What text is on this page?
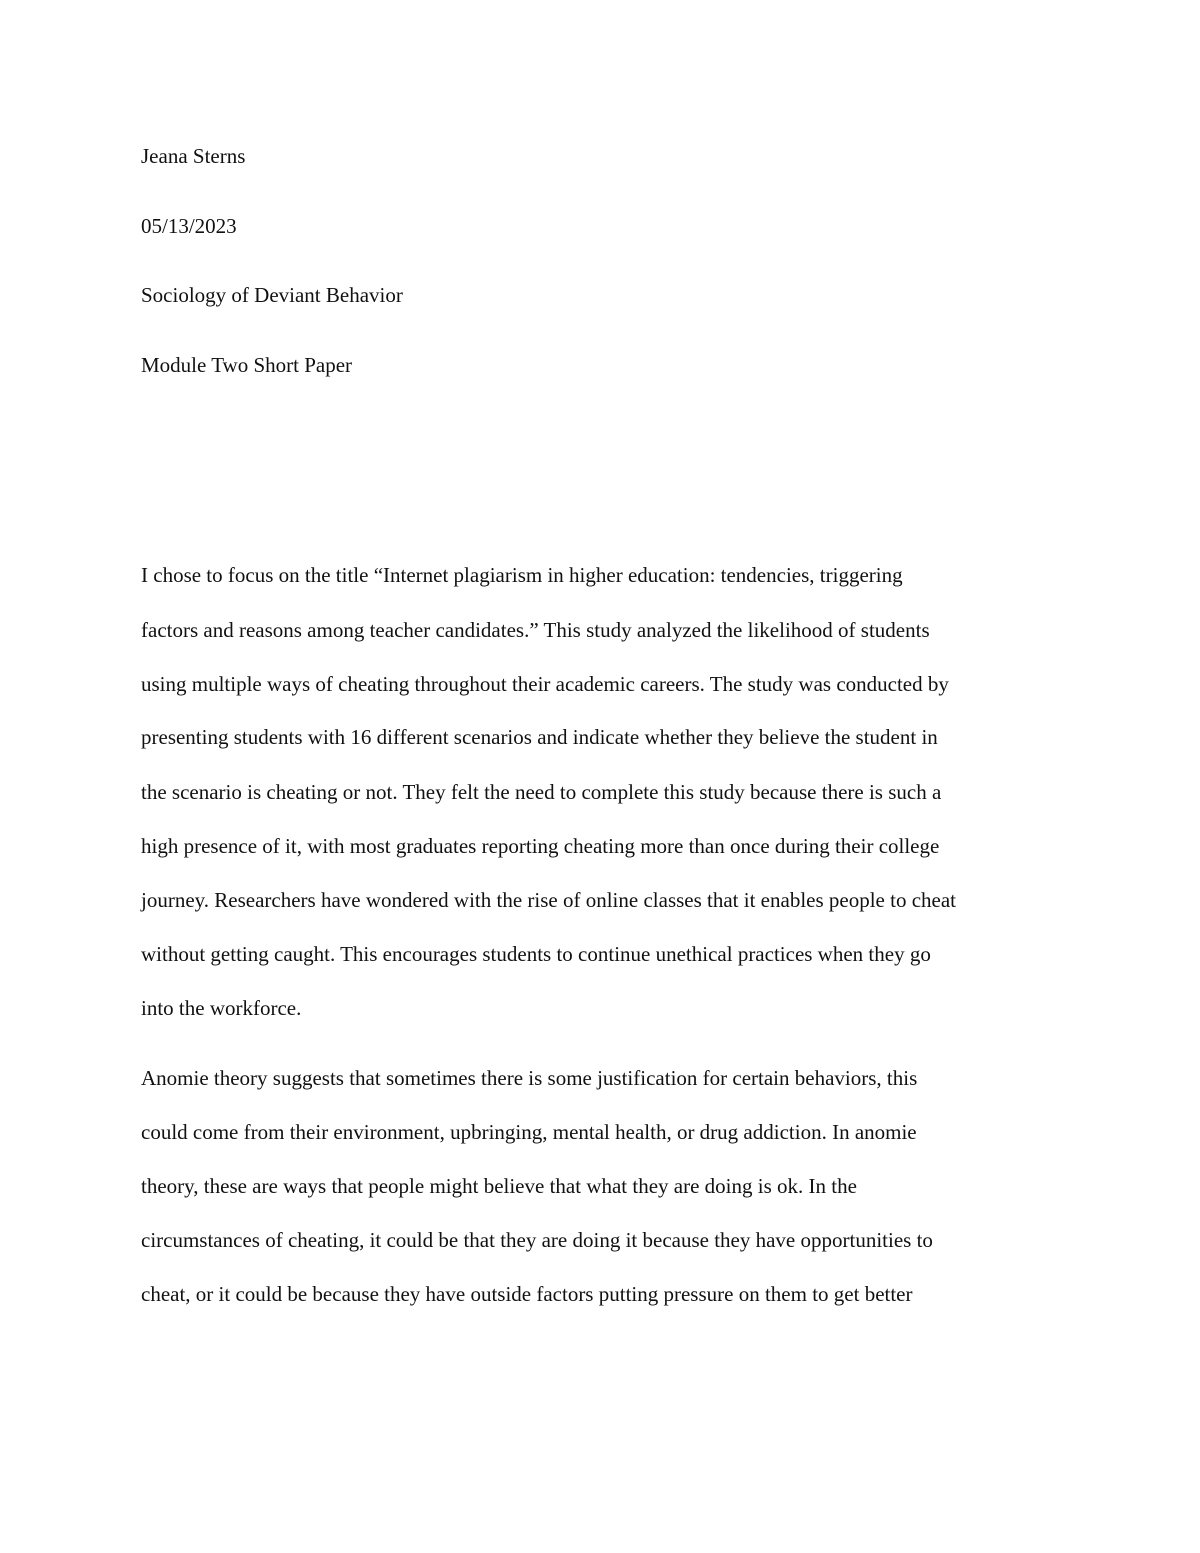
Jeana Sterns
05/13/2023
Sociology of Deviant Behavior
Module Two Short Paper
I chose to focus on the title “Internet plagiarism in higher education: tendencies, triggering
factors and reasons among teacher candidates.” This study analyzed the likelihood of students
using multiple ways of cheating throughout their academic careers. The study was conducted by
presenting students with 16 different scenarios and indicate whether they believe the student in
the scenario is cheating or not. They felt the need to complete this study because there is such a
high presence of it, with most graduates reporting cheating more than once during their college
journey. Researchers have wondered with the rise of online classes that it enables people to cheat
without getting caught. This encourages students to continue unethical practices when they go
into the workforce.
Anomie theory suggests that sometimes there is some justification for certain behaviors, this
could come from their environment, upbringing, mental health, or drug addiction. In anomie
theory, these are ways that people might believe that what they are doing is ok. In the
circumstances of cheating, it could be that they are doing it because they have opportunities to
cheat, or it could be because they have outside factors putting pressure on them to get better
